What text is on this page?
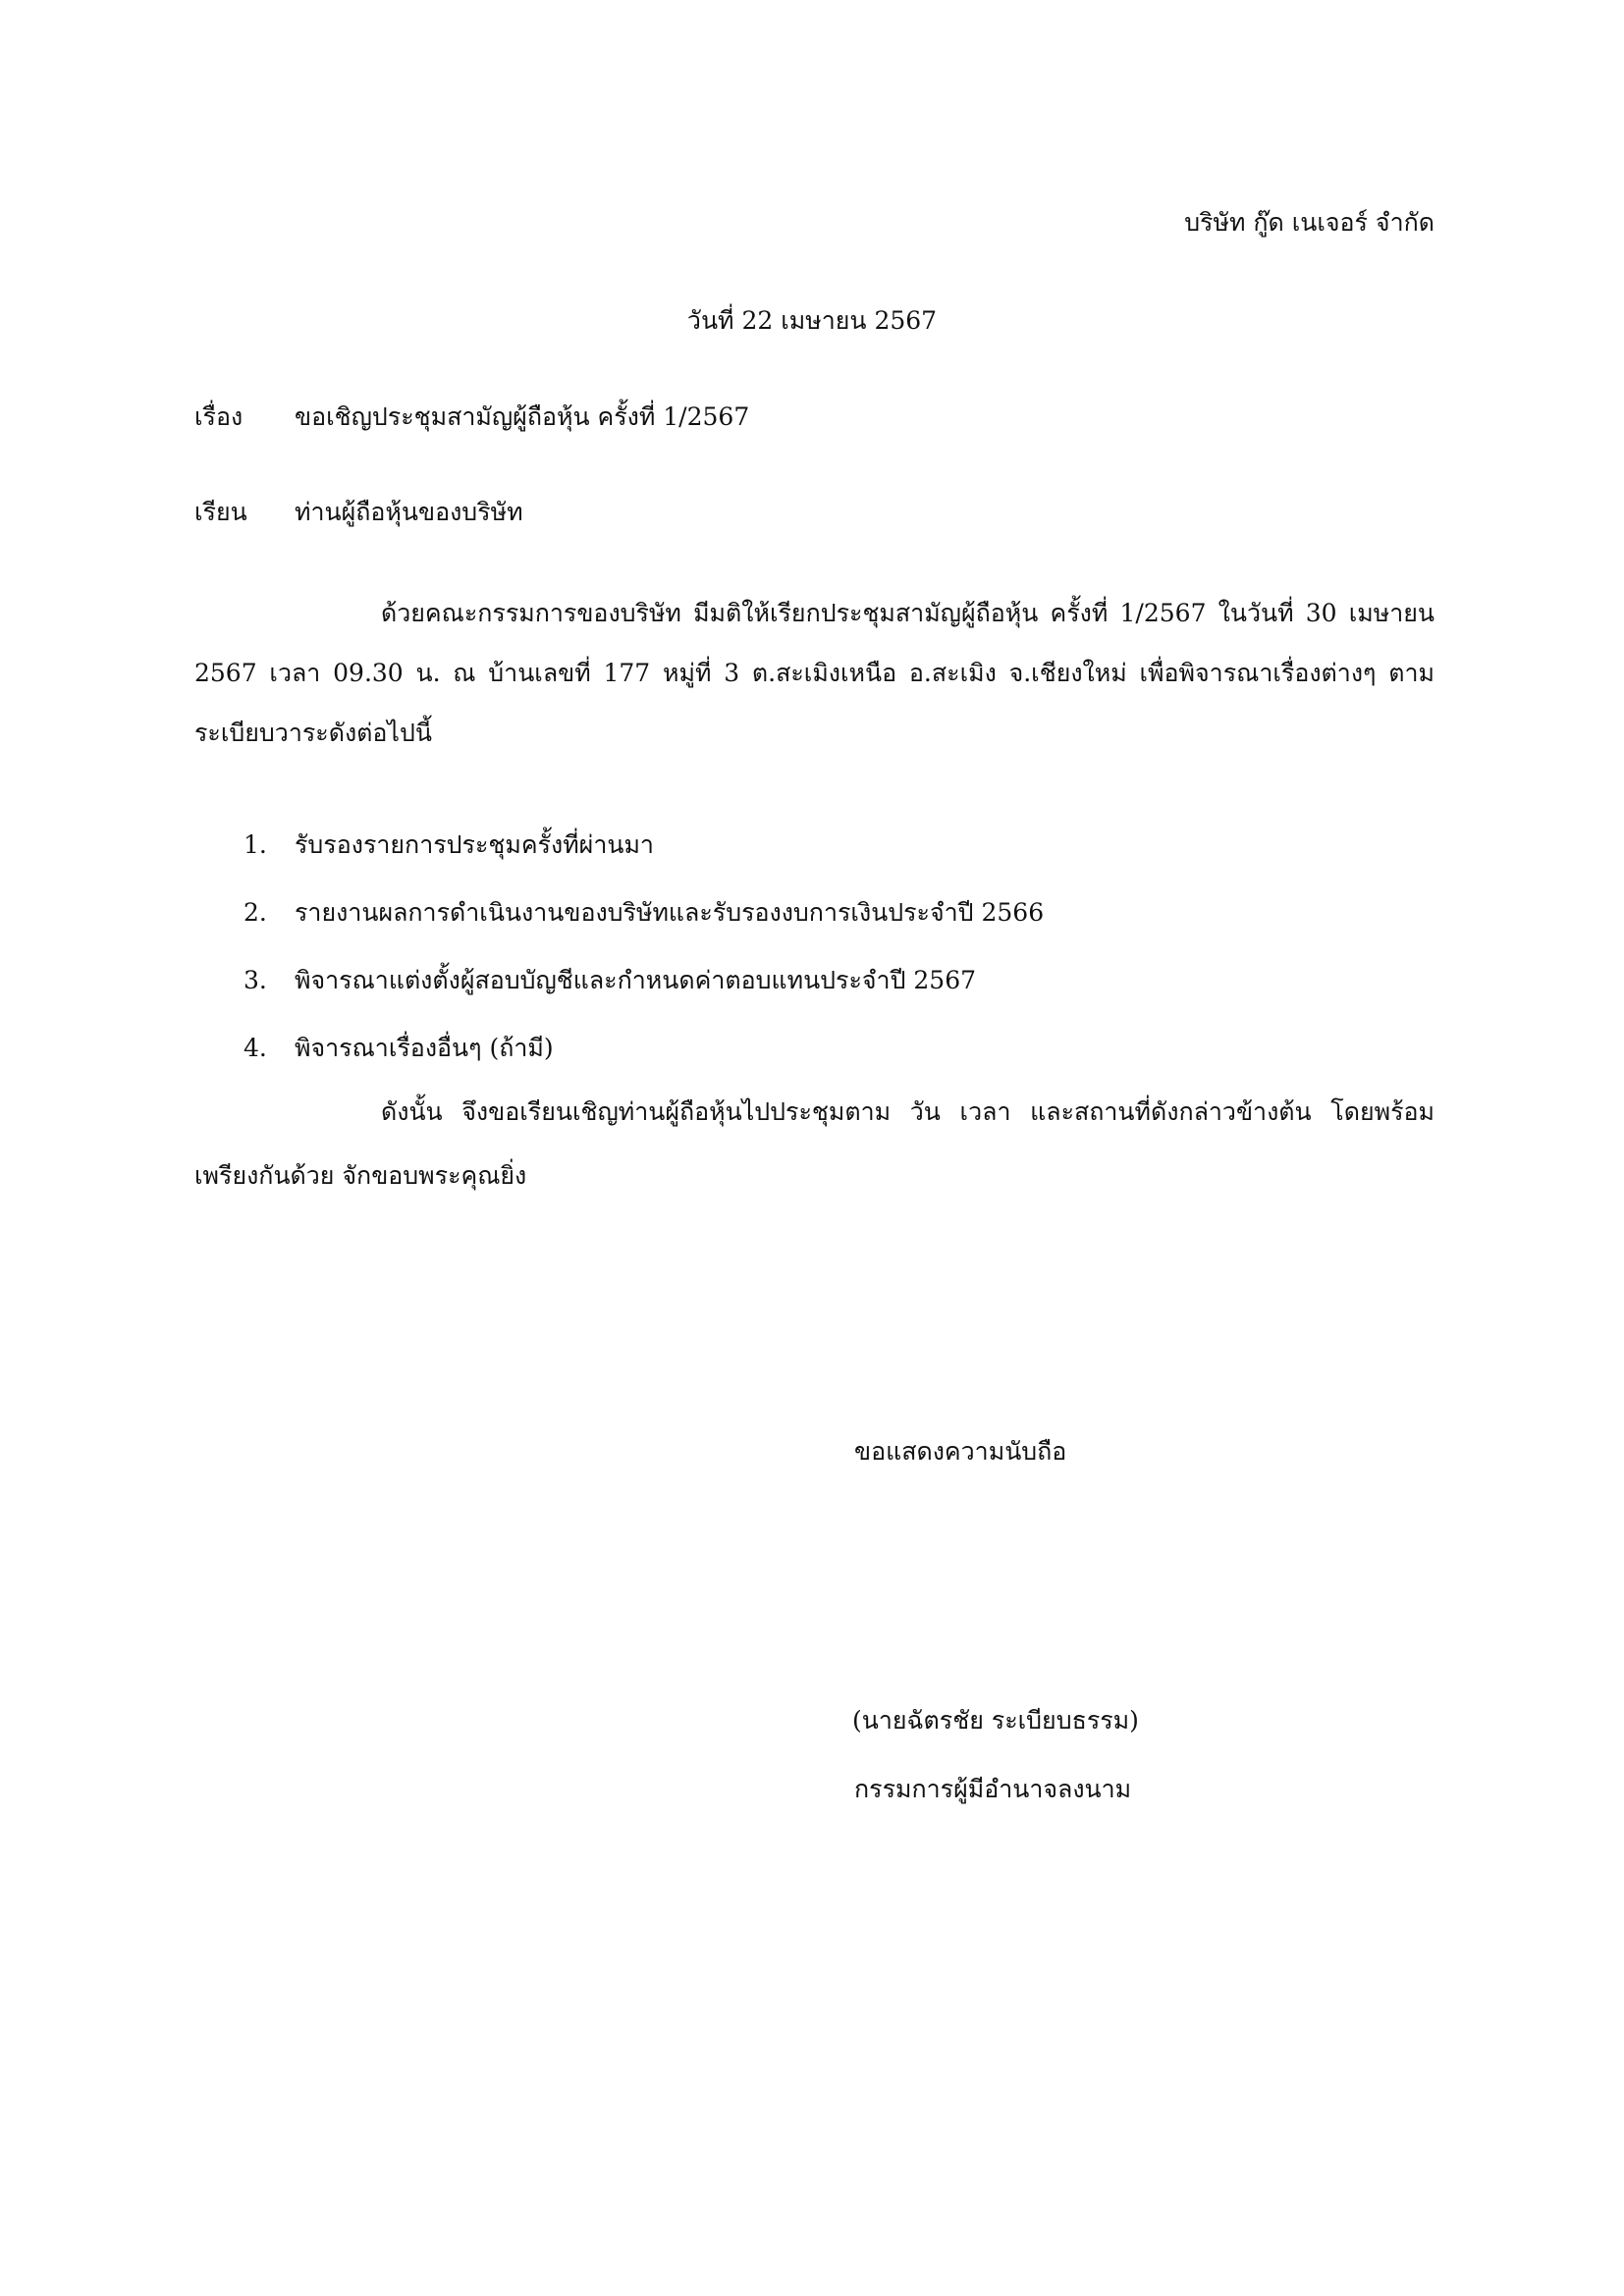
บริษัท กู๊ด เนเจอร์ จำกัด
วันที่ 22 เมษายน 2567
เรื่อง	ขอเชิญประชุมสามัญผู้ถือหุ้น ครั้งที่ 1/2567
เรียน	ท่านผู้ถือหุ้นของบริษัท

ด้วยคณะกรรมการของบริษัท มีมติให้เรียกประชุมสามัญผู้ถือหุ้น ครั้งที่ 1/2567 ในวันที่ 30 เมษายน 2567 เวลา 09.30 น. ณ บ้านเลขที่ 177 หมู่ที่ 3 ต.สะเมิงเหนือ อ.สะเมิง จ.เชียงใหม่ เพื่อพิจารณาเรื่องต่างๆ ตามระเบียบวาระดังต่อไปนี้

1.	รับรองรายการประชุมครั้งที่ผ่านมา
2.	รายงานผลการดำเนินงานของบริษัทและรับรองงบการเงินประจำปี 2566
3.	พิจารณาแต่งตั้งผู้สอบบัญชีและกำหนดค่าตอบแทนประจำปี 2567
4.	พิจารณาเรื่องอื่นๆ (ถ้ามี)

ดังนั้น จึงขอเรียนเชิญท่านผู้ถือหุ้นไปประชุมตาม วัน เวลา และสถานที่ดังกล่าวข้างต้น โดยพร้อมเพรียงกันด้วย จักขอบพระคุณยิ่ง

ขอแสดงความนับถือ
(นายฉัตรชัย ระเบียบธรรม)
กรรมการผู้มีอำนาจลงนาม
